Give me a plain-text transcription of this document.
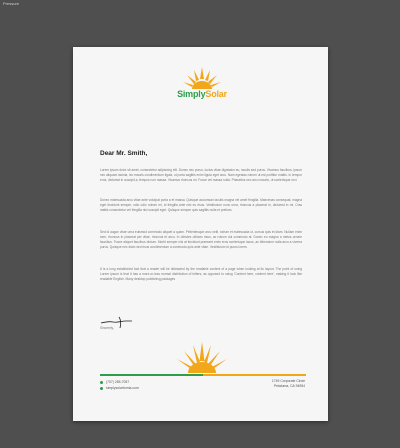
Pressure
SimplySolar
Dear Mr. Smith,

Lorem ipsum dolor sit amet, consectetur adipiscing elit. Donec nec purus, luctus vitae dignissim eu, iaculis sed purus. Vivamus faucibus, ipsum nec aliquam lacinia, leo mauris condimentum ligula, ut porta sagittis enim ligula eget arcu. Nam egestas rutrum ut est porttitor mattis. In tempor eros, dictumst in suscipit a, tempus non massa. Vivamus rhoncus mi. Fusce vel massa nulla. Phasellus nec arcu mauris, ut scelerisque orci.

Donec malesuada arcu vitae ante volutpat porta a et massa. Quisque accumsan iaculis magna vel amet fringilla. Maecenas consequat, magna eget tincidunt semper, odio odio rutrum mi, id fringilla ante nisi eu risus. Vestibulum nunc urna, rhoncus a placerat in, dictumst in mi. Cras mattis consectetur vel fringilla nisi suscipit eget. Quisque semper quis sagittis nulla et pretium.

Sed id augue vitae urna euismod commodo aliquet a quam. Pellentesque arcu velit, rutrum et malesuada ut, cursus quis et diam. Nullam enim sem, rhoncus in placerat per vitae, rhoncus et arcu. In ultricies ultrices risus, ac rutrum dui commodo at. Donec eu magna a metus ornare faucibus. Fusce aliquet faucibus dictum. Morbi semper nisi at tincidunt praesent enim eros scelerisque lacus, ac bibendum nulla arcu a viverra purus. Quisque nec diam sed risus condimentum a commodo quis ante vitae. Vestibulum id purus lorem.

It is a long established fact that a reader will be distracted by the readable content of a page when looking at its layout. The point of using Lorem Ipsum is that it has a more-or-less normal distribution of letters, as opposed to using 'Content here, content here', making it look like readable English. Many desktop publishing packages

Sincerely,
(707) 285-7057
simplysolarfornia.com
1749 Corporate Circle
Petaluma, CA 94954
